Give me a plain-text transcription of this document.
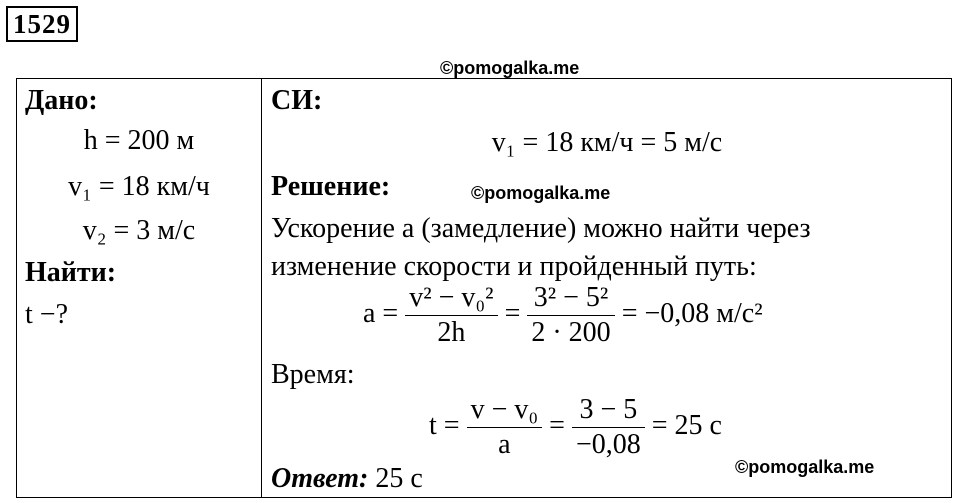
1529
©pomogalka.me
Дано:
h = 200 м
v₁ = 18 км/ч
v₂ = 3 м/с
Найти:
t −?
СИ:
v₁ = 18 км/ч = 5 м/с
Решение:	©pomogalka.me
Ускорение a (замедление) можно найти через
изменение скорости и пройденный путь:
$a = \frac{\text{v² − v₀²}}{2h} = \frac{\text{3² − 5²}}{2 \cdot 200} = -0,08$ м/с²
Время:
$t = \frac{\text{v − v₀}}{a} = \frac{3 - 5}{-0,08} = 25$ с
Ответ: 25 с	©pomogalka.me
